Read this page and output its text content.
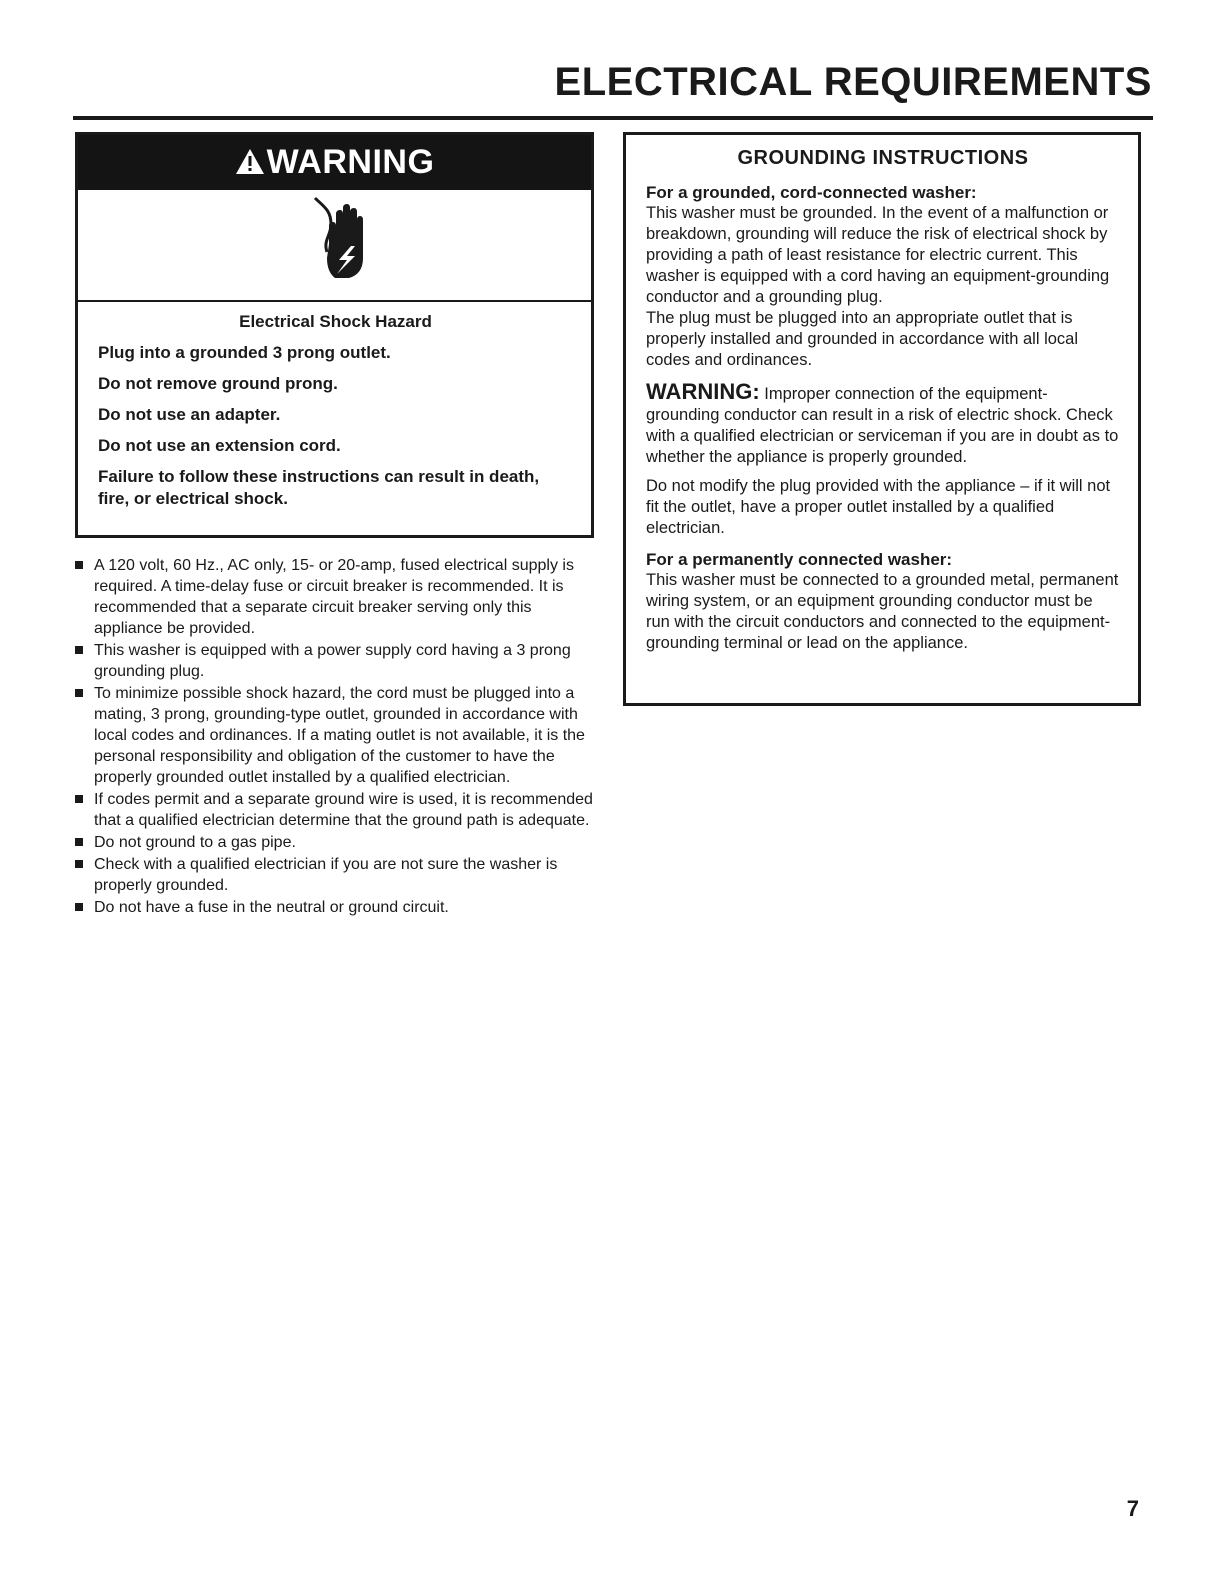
ELECTRICAL REQUIREMENTS
WARNING

Electrical Shock Hazard

Plug into a grounded 3 prong outlet.

Do not remove ground prong.

Do not use an adapter.

Do not use an extension cord.

Failure to follow these instructions can result in death, fire, or electrical shock.

A 120 volt, 60 Hz., AC only, 15- or 20-amp, fused electrical supply is required. A time-delay fuse or circuit breaker is recommended. It is recommended that a separate circuit breaker serving only this appliance be provided.
This washer is equipped with a power supply cord having a 3 prong grounding plug.
To minimize possible shock hazard, the cord must be plugged into a mating, 3 prong, grounding-type outlet, grounded in accordance with local codes and ordinances. If a mating outlet is not available, it is the personal responsibility and obligation of the customer to have the properly grounded outlet installed by a qualified electrician.
If codes permit and a separate ground wire is used, it is recommended that a qualified electrician determine that the ground path is adequate.
Do not ground to a gas pipe.
Check with a qualified electrician if you are not sure the washer is properly grounded.
Do not have a fuse in the neutral or ground circuit.

GROUNDING INSTRUCTIONS

For a grounded, cord-connected washer:

This washer must be grounded. In the event of a malfunction or breakdown, grounding will reduce the risk of electrical shock by providing a path of least resistance for electric current. This washer is equipped with a cord having an equipment-grounding conductor and a grounding plug.

The plug must be plugged into an appropriate outlet that is properly installed and grounded in accordance with all local codes and ordinances.

WARNING: Improper connection of the equipment-grounding conductor can result in a risk of electric shock. Check with a qualified electrician or serviceman if you are in doubt as to whether the appliance is properly grounded.

Do not modify the plug provided with the appliance – if it will not fit the outlet, have a proper outlet installed by a qualified electrician.

For a permanently connected washer:

This washer must be connected to a grounded metal, permanent wiring system, or an equipment grounding conductor must be run with the circuit conductors and connected to the equipment-grounding terminal or lead on the appliance.

7
